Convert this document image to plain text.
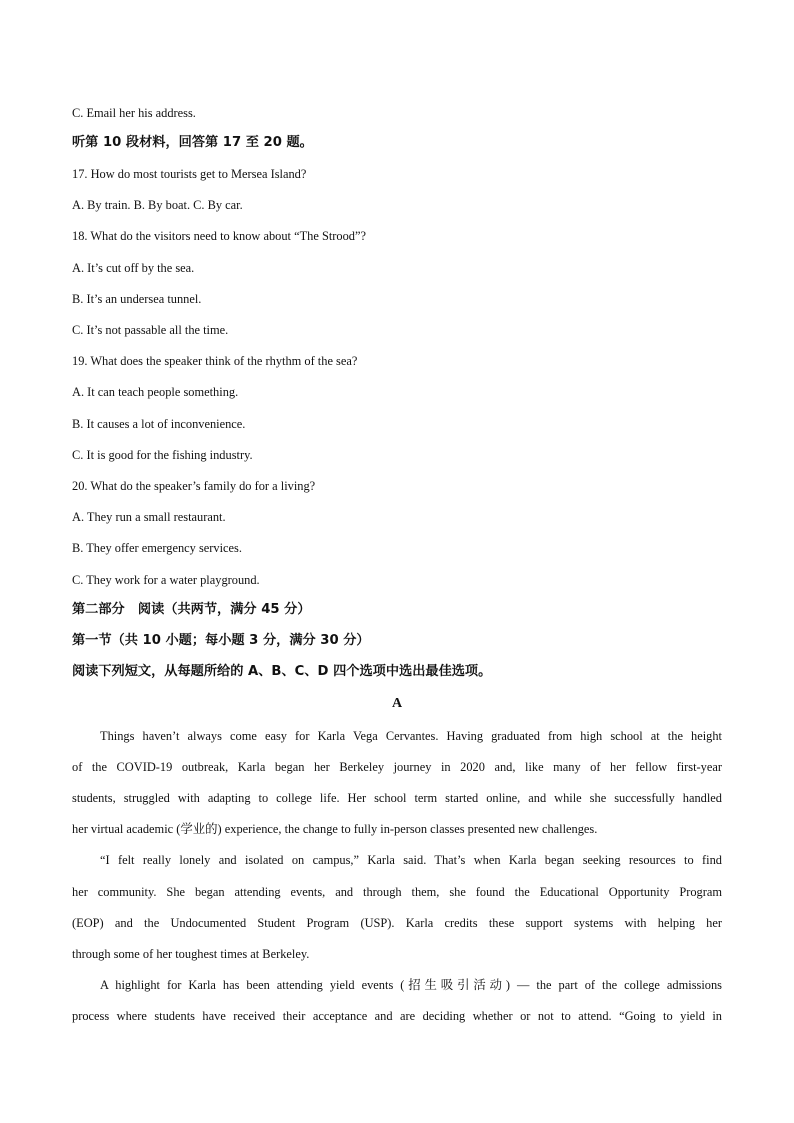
C. Email her his address.
听第 10 段材料，回答第 17 至 20 题。
17. How do most tourists get to Mersea Island?
A. By train. B. By boat. C. By car.
18. What do the visitors need to know about “The Strood”?
A. It’s cut off by the sea.
B. It’s an undersea tunnel.
C. It’s not passable all the time.
19. What does the speaker think of the rhythm of the sea?
A. It can teach people something.
B. It causes a lot of inconvenience.
C. It is good for the fishing industry.
20. What do the speaker’s family do for a living?
A. They run a small restaurant.
B. They offer emergency services.
C. They work for a water playground.
第二部分　阅读（共两节，满分 45 分）
第一节（共 10 小题；每小题 3 分，满分 30 分）
阅读下列短文，从每题所给的 A、B、C、D 四个选项中选出最佳选项。
A
Things haven’t always come easy for Karla Vega Cervantes. Having graduated from high school at the height
of the COVID-19 outbreak, Karla began her Berkeley journey in 2020 and, like many of her fellow first-year
students, struggled with adapting to college life. Her school term started online, and while she successfully handled
her virtual academic (学业的) experience, the change to fully in-person classes presented new challenges.
“I felt really lonely and isolated on campus,” Karla said. That’s when Karla began seeking resources to find
her community. She began attending events, and through them, she found the Educational Opportunity Program
(EOP) and the Undocumented Student Program (USP). Karla credits these support systems with helping her
through some of her toughest times at Berkeley.
A highlight for Karla has been attending yield events (招生吸引活动) — the part of the college admissions
process where students have received their acceptance and are deciding whether or not to attend. “Going to yield in
